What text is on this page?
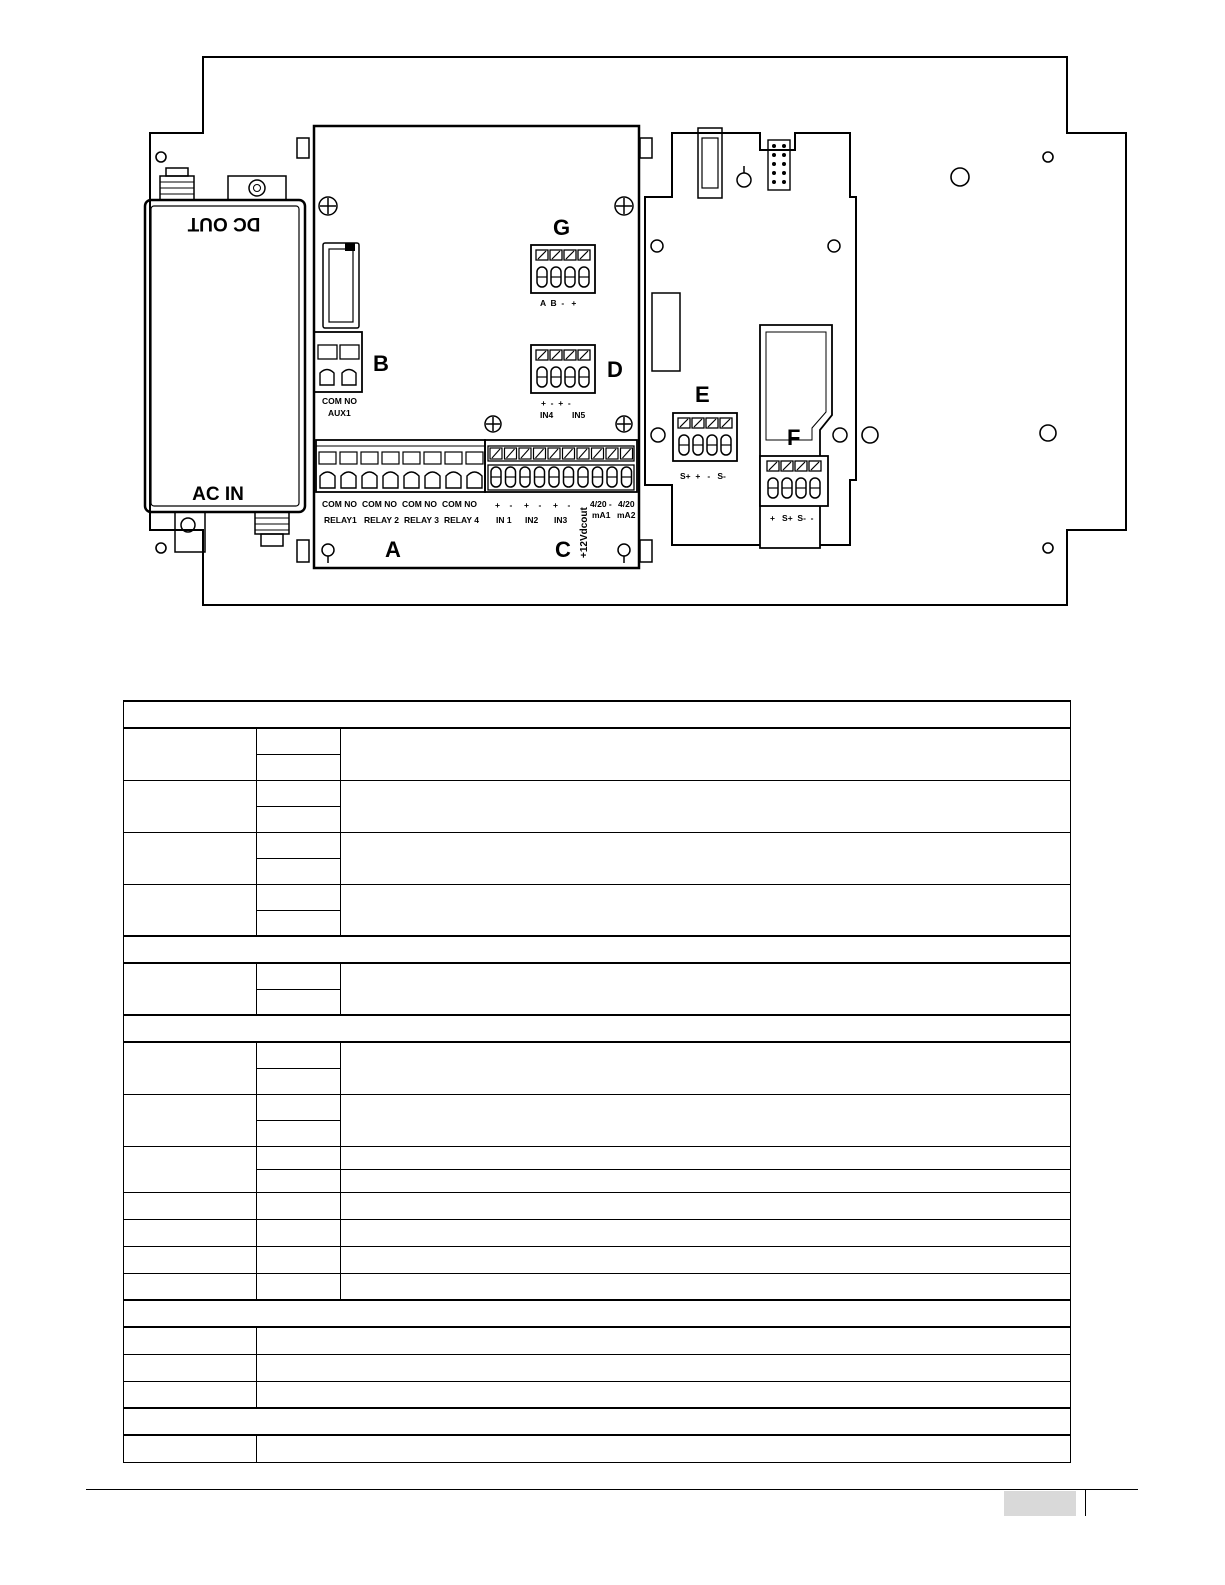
DC OUT
AC IN
B
COM NO
AUX1
COM NO
RELAY1
COM NO
RELAY 2
COM NO
RELAY 3
COM NO
RELAY 4
A
+ - + - + -
IN 1 IN2 IN3 +12Vdcout
4/20 - 4/20
mA1 mA2
C
G
A  B  -   +
D
+  -  +  -
IN4 IN5
E
S+  +   -   S-
F
+   S+  S-  -
